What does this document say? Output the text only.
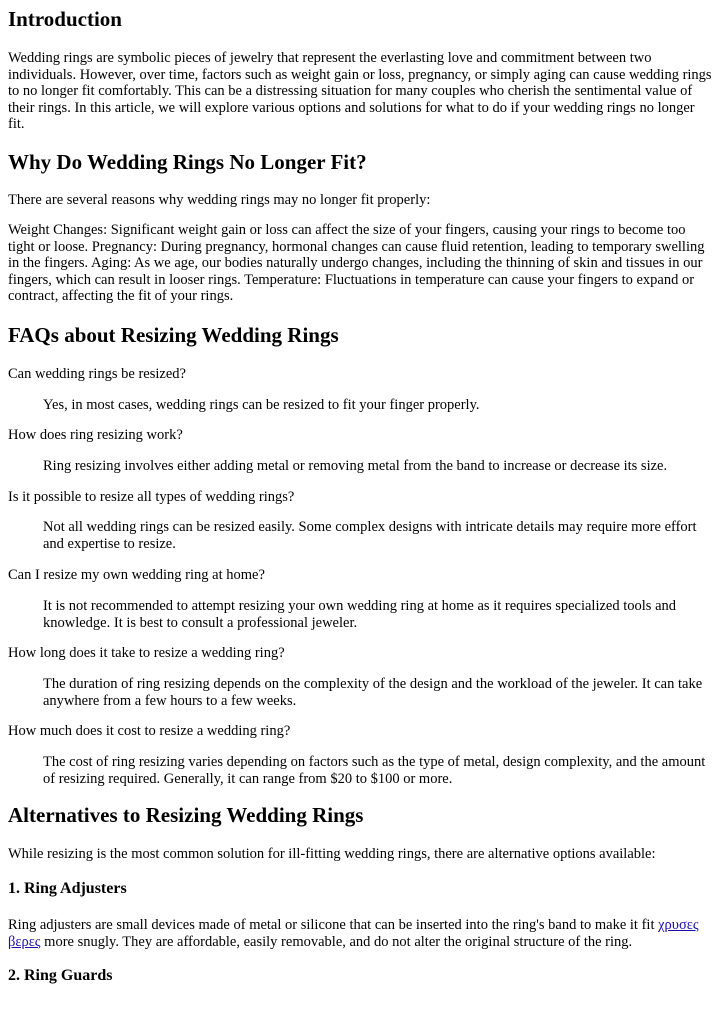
Introduction

Wedding rings are symbolic pieces of jewelry that represent the everlasting love and commitment between two individuals. However, over time, factors such as weight gain or loss, pregnancy, or simply aging can cause wedding rings to no longer fit comfortably. This can be a distressing situation for many couples who cherish the sentimental value of their rings. In this article, we will explore various options and solutions for what to do if your wedding rings no longer fit.

Why Do Wedding Rings No Longer Fit?

There are several reasons why wedding rings may no longer fit properly:

Weight Changes: Significant weight gain or loss can affect the size of your fingers, causing your rings to become too tight or loose. Pregnancy: During pregnancy, hormonal changes can cause fluid retention, leading to temporary swelling in the fingers. Aging: As we age, our bodies naturally undergo changes, including the thinning of skin and tissues in our fingers, which can result in looser rings. Temperature: Fluctuations in temperature can cause your fingers to expand or contract, affecting the fit of your rings.

FAQs about Resizing Wedding Rings

Can wedding rings be resized?

Yes, in most cases, wedding rings can be resized to fit your finger properly.

How does ring resizing work?

Ring resizing involves either adding metal or removing metal from the band to increase or decrease its size.

Is it possible to resize all types of wedding rings?

Not all wedding rings can be resized easily. Some complex designs with intricate details may require more effort and expertise to resize.

Can I resize my own wedding ring at home?

It is not recommended to attempt resizing your own wedding ring at home as it requires specialized tools and knowledge. It is best to consult a professional jeweler.

How long does it take to resize a wedding ring?

The duration of ring resizing depends on the complexity of the design and the workload of the jeweler. It can take anywhere from a few hours to a few weeks.

How much does it cost to resize a wedding ring?

The cost of ring resizing varies depending on factors such as the type of metal, design complexity, and the amount of resizing required. Generally, it can range from $20 to $100 or more.

Alternatives to Resizing Wedding Rings

While resizing is the most common solution for ill-fitting wedding rings, there are alternative options available:

1. Ring Adjusters

Ring adjusters are small devices made of metal or silicone that can be inserted into the ring's band to make it fit χρυσες βερες more snugly. They are affordable, easily removable, and do not alter the original structure of the ring.

2. Ring Guards
